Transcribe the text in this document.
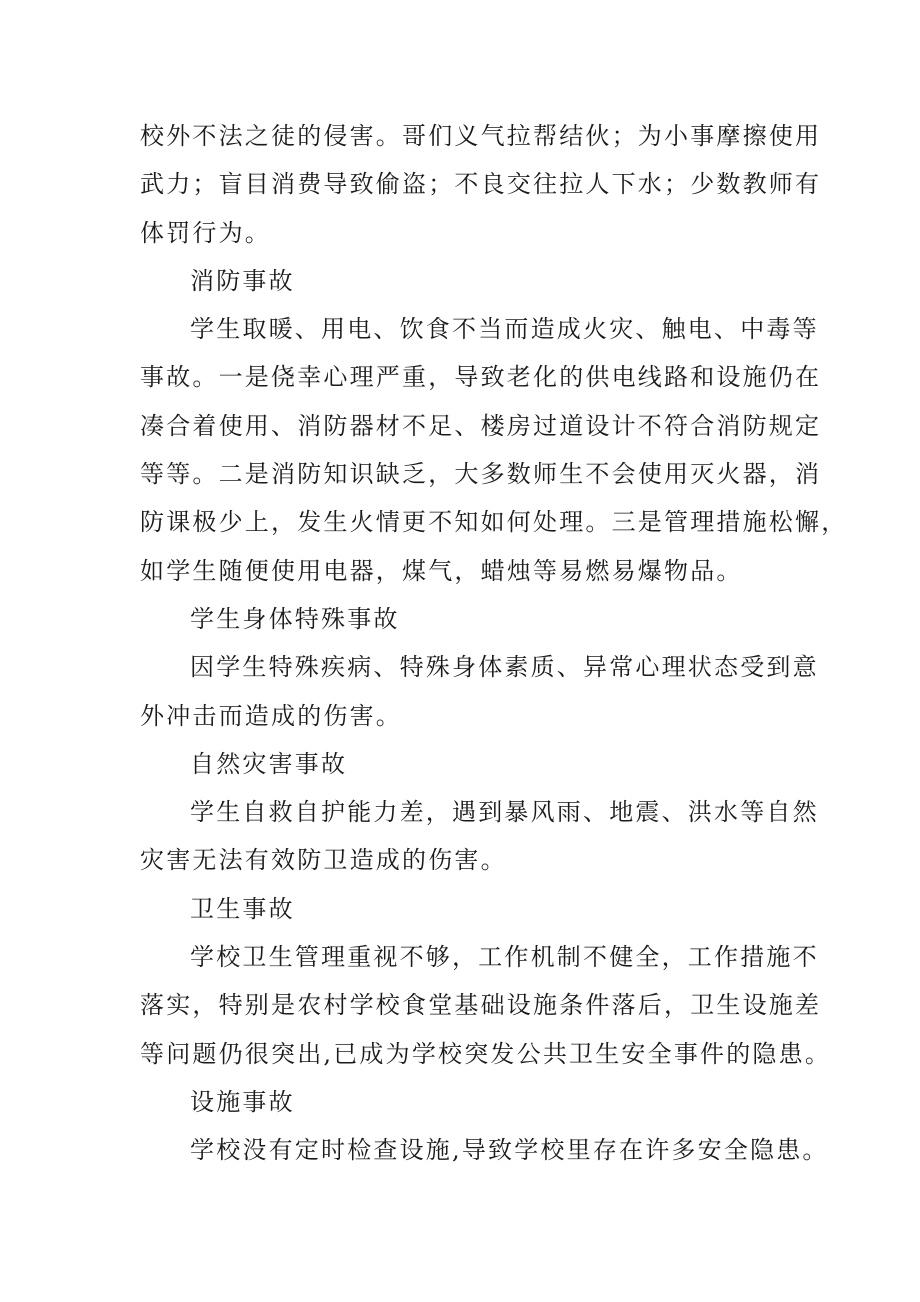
校外不法之徒的侵害。哥们义气拉帮结伙；为小事摩擦使用
武力；盲目消费导致偷盗；不良交往拉人下水；少数教师有
体罚行为。
消防事故
学生取暖、用电、饮食不当而造成火灾、触电、中毒等
事故。一是侥幸心理严重，导致老化的供电线路和设施仍在
凑合着使用、消防器材不足、楼房过道设计不符合消防规定
等等。二是消防知识缺乏，大多数师生不会使用灭火器，消
防课极少上，发生火情更不知如何处理。三是管理措施松懈，
如学生随便使用电器，煤气，蜡烛等易燃易爆物品。
学生身体特殊事故
因学生特殊疾病、特殊身体素质、异常心理状态受到意
外冲击而造成的伤害。
自然灾害事故
学生自救自护能力差，遇到暴风雨、地震、洪水等自然
灾害无法有效防卫造成的伤害。
卫生事故
学校卫生管理重视不够，工作机制不健全，工作措施不
落实，特别是农村学校食堂基础设施条件落后，卫生设施差
等问题仍很突出,已成为学校突发公共卫生安全事件的隐患。
设施事故
学校没有定时检查设施,导致学校里存在许多安全隐患。
